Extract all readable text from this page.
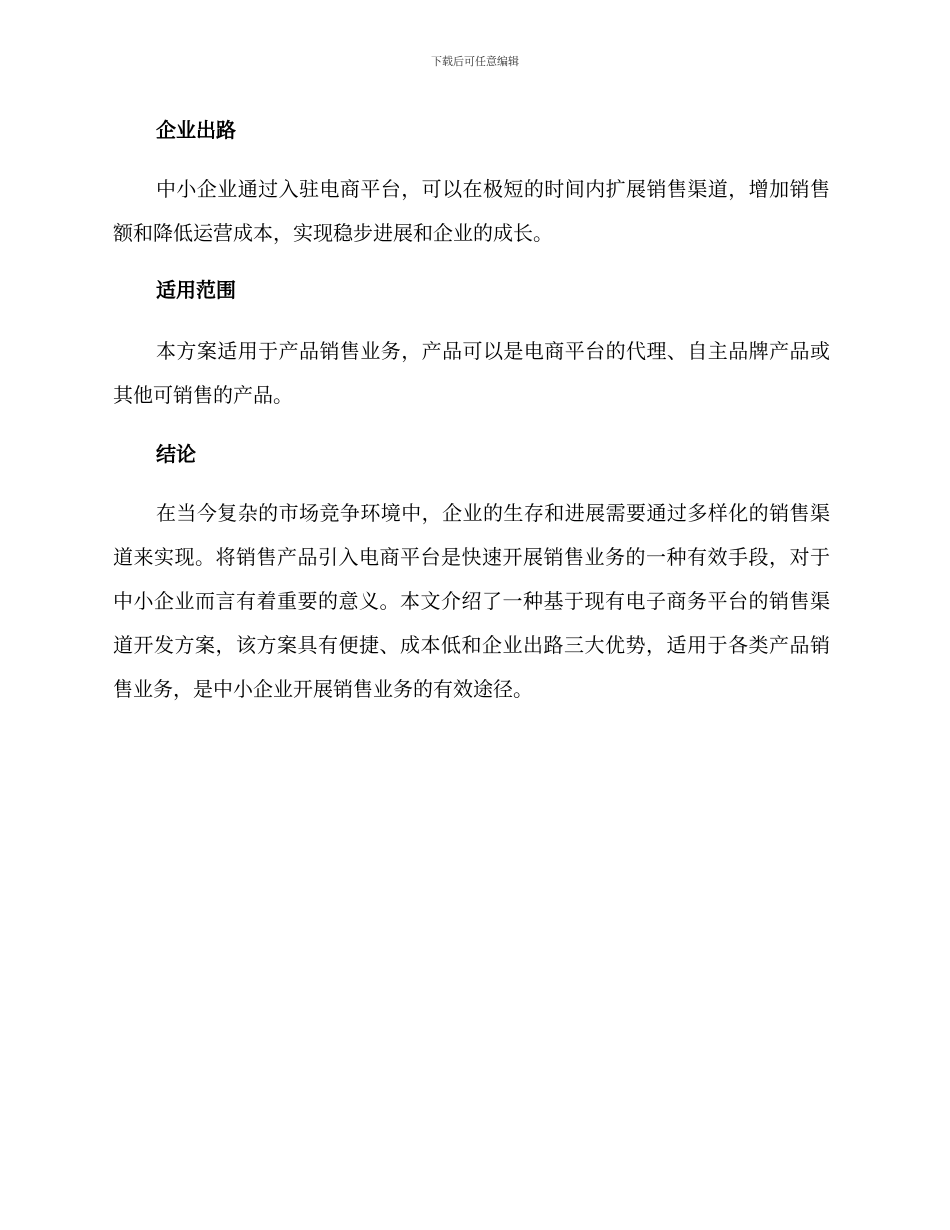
下载后可任意编辑
企业出路

中小企业通过入驻电商平台，可以在极短的时间内扩展销售渠道，增加销售额和降低运营成本，实现稳步进展和企业的成长。

适用范围

本方案适用于产品销售业务，产品可以是电商平台的代理、自主品牌产品或其他可销售的产品。

结论

在当今复杂的市场竞争环境中，企业的生存和进展需要通过多样化的销售渠道来实现。将销售产品引入电商平台是快速开展销售业务的一种有效手段，对于中小企业而言有着重要的意义。本文介绍了一种基于现有电子商务平台的销售渠道开发方案，该方案具有便捷、成本低和企业出路三大优势，适用于各类产品销售业务，是中小企业开展销售业务的有效途径。
